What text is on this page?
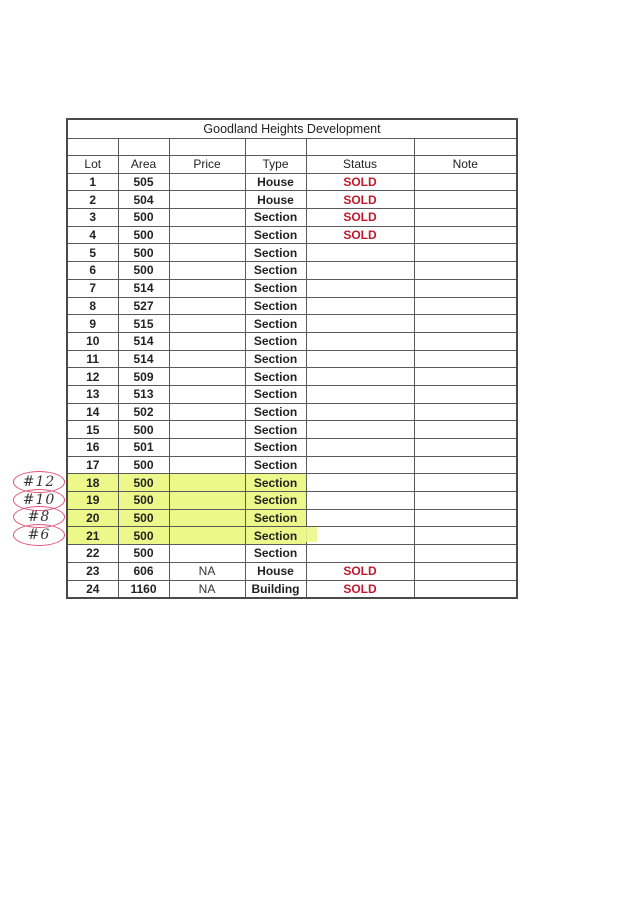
Goodland Heights Development					

Lot	Area	Price	Type	Status	Note
1	505		House	SOLD	
2	504		House	SOLD	
3	500		Section	SOLD	
4	500		Section	SOLD	
5	500		Section		
6	500		Section		
7	514		Section		
8	527		Section		
9	515		Section		
10	514		Section		
11	514		Section		
12	509		Section		
13	513		Section		
14	502		Section		
15	500		Section		
16	501		Section		
17	500		Section		
18	500		Section		
19	500		Section		
20	500		Section		
21	500		Section		
22	500		Section		
23	606	NA	House	SOLD	
24	1160	NA	Building	SOLD	
#12
#10
#8
#6
